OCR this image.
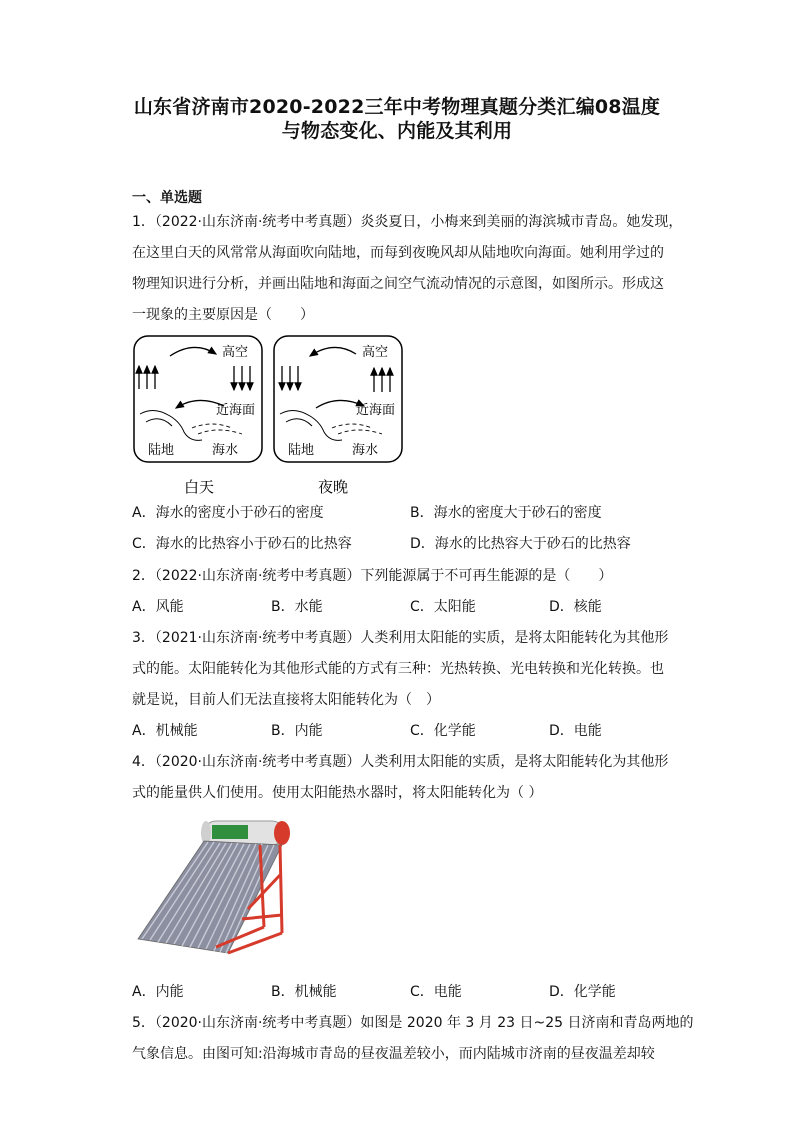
山东省济南市2020-2022三年中考物理真题分类汇编08温度
与物态变化、内能及其利用
一、单选题
1．（2022·山东济南·统考中考真题）炎炎夏日，小梅来到美丽的海滨城市青岛。她发现，
在这里白天的风常常从海面吹向陆地，而每到夜晚风却从陆地吹向海面。她利用学过的
物理知识进行分析，并画出陆地和海面之间空气流动情况的示意图，如图所示。形成这
一现象的主要原因是（　　）
高空
近海面
陆地	海水
高空
近海面
陆地	海水
白天	夜晚
A．海水的密度小于砂石的密度	B．海水的密度大于砂石的密度
C．海水的比热容小于砂石的比热容	D．海水的比热容大于砂石的比热容
2．（2022·山东济南·统考中考真题）下列能源属于不可再生能源的是（　　）
A．风能	B．水能	C．太阳能	D．核能
3．（2021·山东济南·统考中考真题）人类利用太阳能的实质，是将太阳能转化为其他形
式的能。太阳能转化为其他形式能的方式有三种：光热转换、光电转换和光化转换。也
就是说，目前人们无法直接将太阳能转化为（　）
A．机械能	B．内能	C．化学能	D．电能
4．（2020·山东济南·统考中考真题）人类利用太阳能的实质，是将太阳能转化为其他形
式的能量供人们使用。使用太阳能热水器时，将太阳能转化为（ ）
A．内能	B．机械能	C．电能	D．化学能
5．（2020·山东济南·统考中考真题）如图是 2020 年 3 月 23 日~25 日济南和青岛两地的
气象信息。由图可知:沿海城市青岛的昼夜温差较小，而内陆城市济南的昼夜温差却较
